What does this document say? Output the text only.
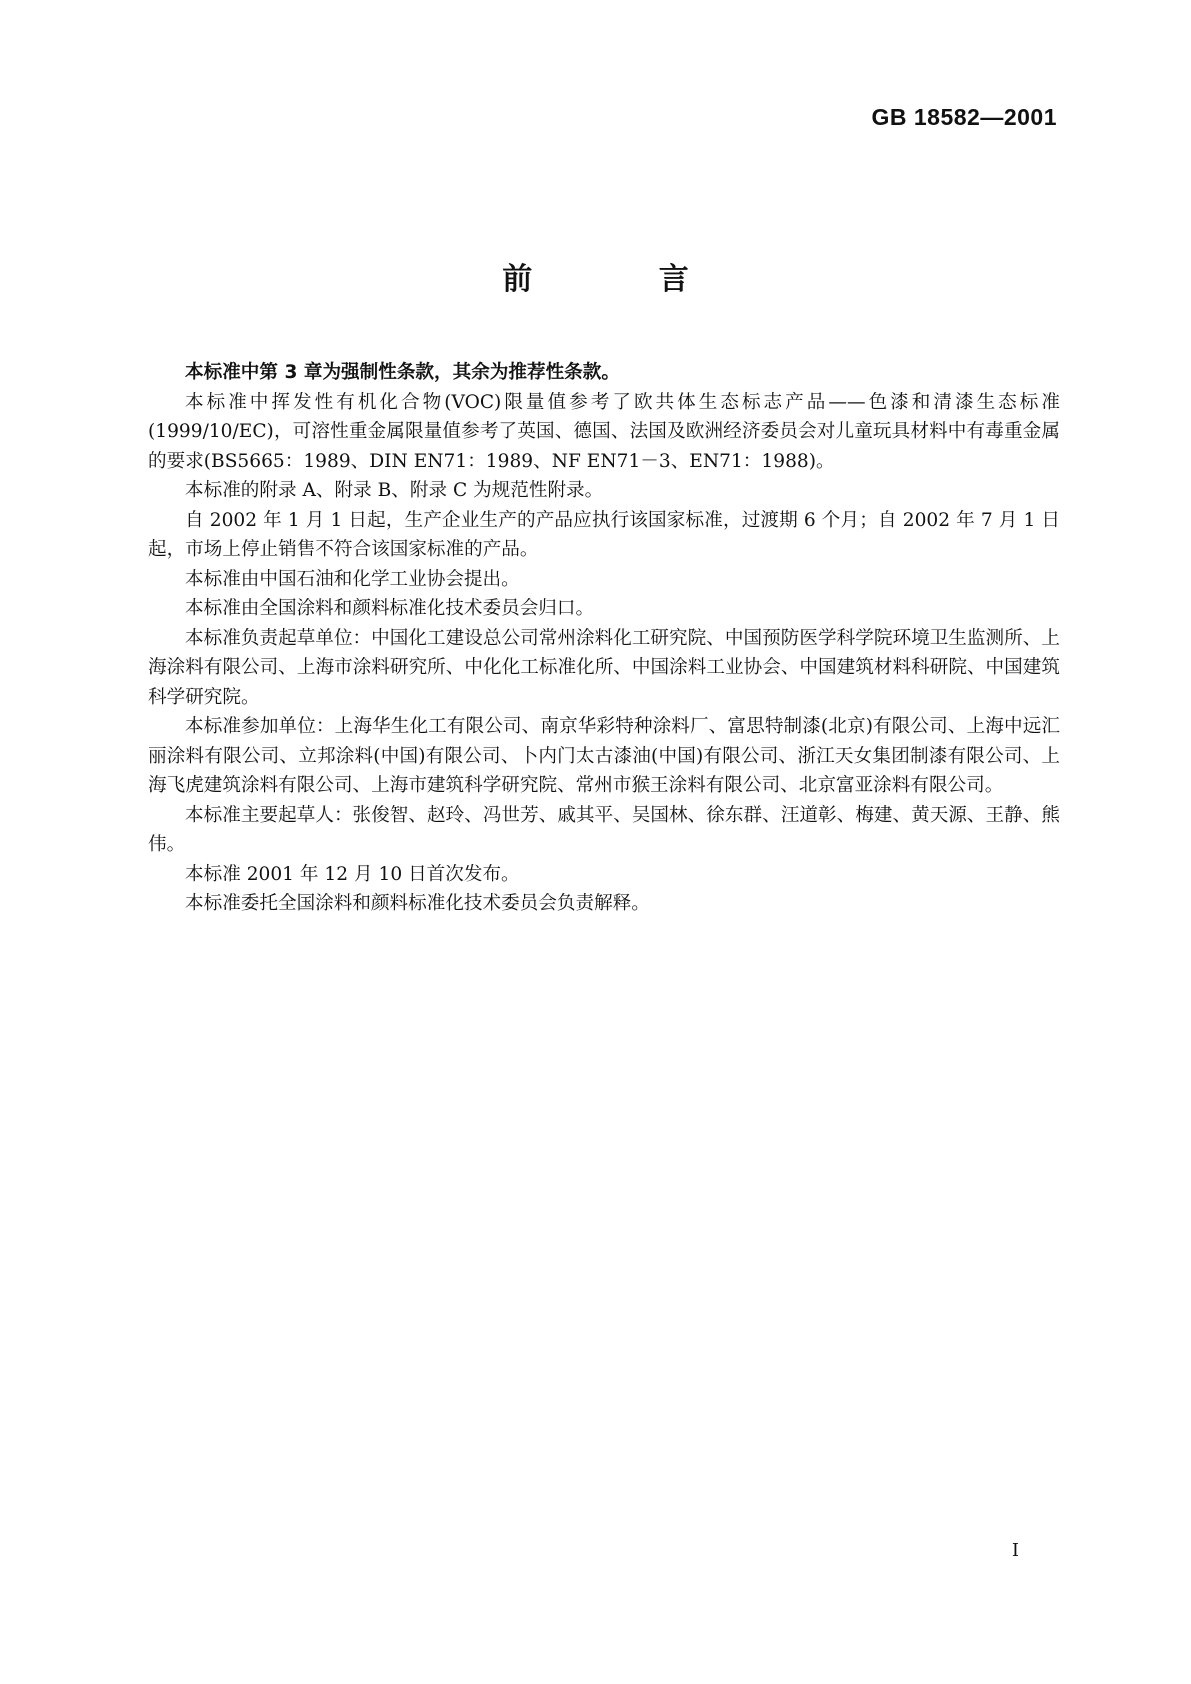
GB 18582—2001
前 言

本标准中第 3 章为强制性条款，其余为推荐性条款。

本标准中挥发性有机化合物(VOC)限量值参考了欧共体生态标志产品——色漆和清漆生态标准(1999/10/EC)，可溶性重金属限量值参考了英国、德国、法国及欧洲经济委员会对儿童玩具材料中有毒重金属的要求(BS5665：1989、DIN EN71：1989、NF EN71－3、EN71：1988)。

本标准的附录 A、附录 B、附录 C 为规范性附录。

自 2002 年 1 月 1 日起，生产企业生产的产品应执行该国家标准，过渡期 6 个月；自 2002 年 7 月 1 日起，市场上停止销售不符合该国家标准的产品。

本标准由中国石油和化学工业协会提出。

本标准由全国涂料和颜料标准化技术委员会归口。

本标准负责起草单位：中国化工建设总公司常州涂料化工研究院、中国预防医学科学院环境卫生监测所、上海涂料有限公司、上海市涂料研究所、中化化工标准化所、中国涂料工业协会、中国建筑材料科研院、中国建筑科学研究院。

本标准参加单位：上海华生化工有限公司、南京华彩特种涂料厂、富思特制漆(北京)有限公司、上海中远汇丽涂料有限公司、立邦涂料(中国)有限公司、卜内门太古漆油(中国)有限公司、浙江天女集团制漆有限公司、上海飞虎建筑涂料有限公司、上海市建筑科学研究院、常州市猴王涂料有限公司、北京富亚涂料有限公司。

本标准主要起草人：张俊智、赵玲、冯世芳、戚其平、吴国林、徐东群、汪道彰、梅建、黄天源、王静、熊伟。

本标准 2001 年 12 月 10 日首次发布。

本标准委托全国涂料和颜料标准化技术委员会负责解释。

I
